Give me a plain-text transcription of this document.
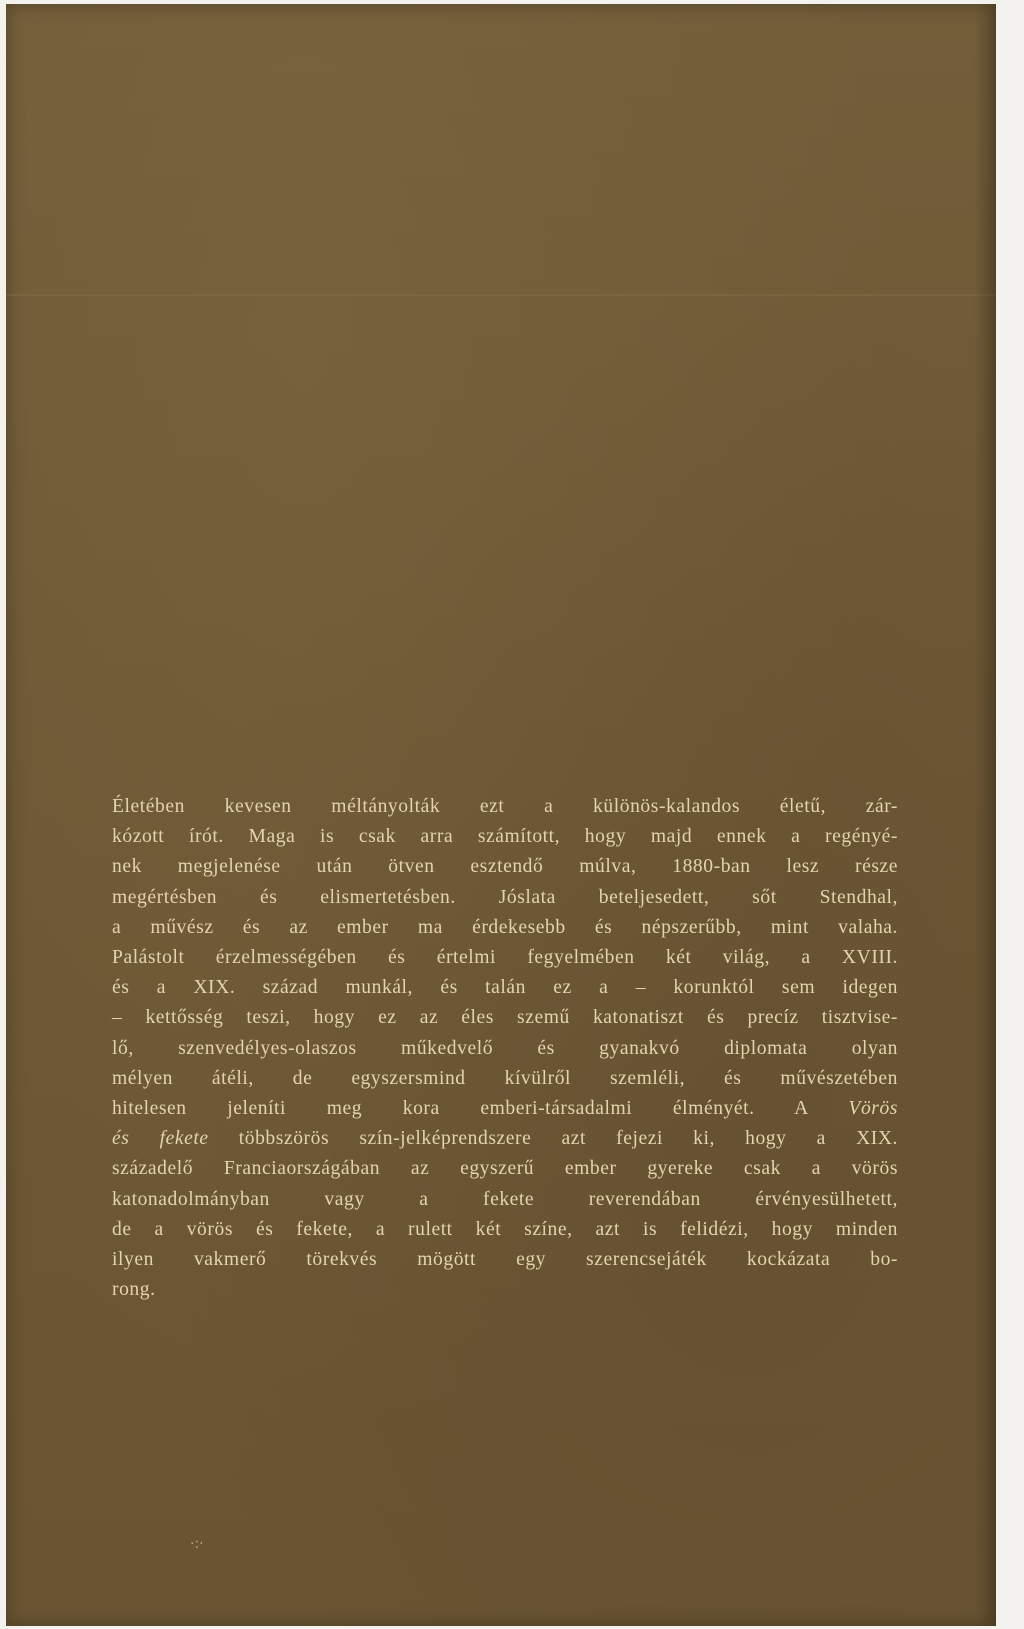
Életében kevesen méltányolták ezt a különös-kalandos életű, zár-
kózott írót. Maga is csak arra számított, hogy majd ennek a regényé-
nek megjelenése után ötven esztendő múlva, 1880-ban lesz része
megértésben és elismertetésben. Jóslata beteljesedett, sőt Stendhal,
a művész és az ember ma érdekesebb és népszerűbb, mint valaha.
Palástolt érzelmességében és értelmi fegyelmében két világ, a XVIII.
és a XIX. század munkál, és talán ez a – korunktól sem idegen
– kettősség teszi, hogy ez az éles szemű katonatiszt és precíz tisztvise-
lő, szenvedélyes-olaszos műkedvelő és gyanakvó diplomata olyan
mélyen átéli, de egyszersmind kívülről szemléli, és művészetében
hitelesen jeleníti meg kora emberi-társadalmi élményét. A Vörös
és fekete többszörös szín-jelképrendszere azt fejezi ki, hogy a XIX.
századelő Franciaországában az egyszerű ember gyereke csak a vörös
katonadolmányban vagy a fekete reverendában érvényesülhetett,
de a vörös és fekete, a rulett két színe, azt is felidézi, hogy minden
ilyen vakmerő törekvés mögött egy szerencsejáték kockázata bo-
rong.

·:·
